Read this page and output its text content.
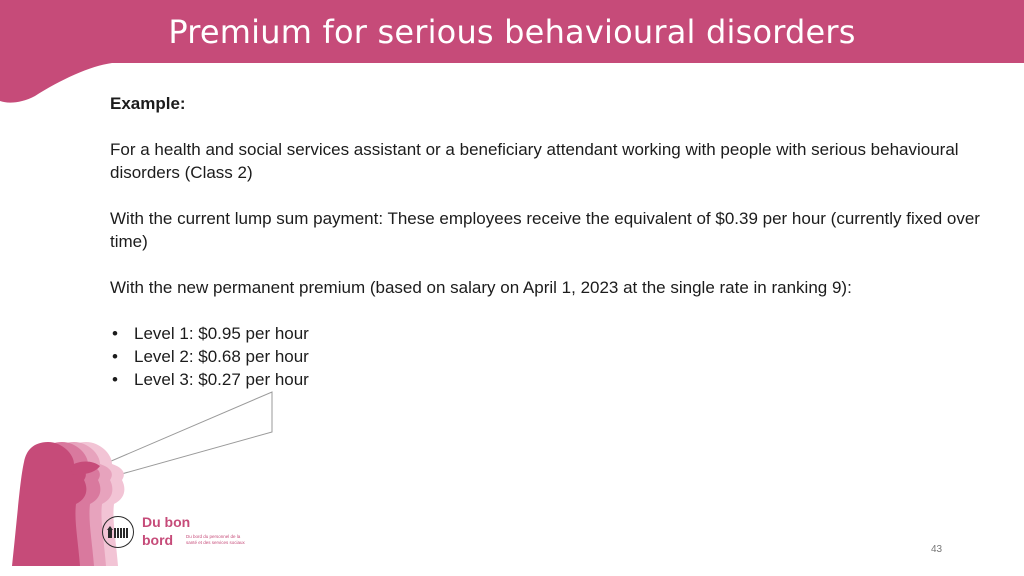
Premium for serious behavioural disorders

Example:

For a health and social services assistant or a beneficiary attendant working with people with serious behavioural disorders (Class 2)

With the current lump sum payment: These employees receive the equivalent of $0.39 per hour (currently fixed over time)

With the new permanent premium (based on salary on April 1, 2023 at the single rate in ranking 9):

• Level 1: $0.95 per hour
• Level 2: $0.68 per hour
• Level 3: $0.27 per hour
Du bon
bord	Du bord du personnel de la santé et des services sociaux
43
